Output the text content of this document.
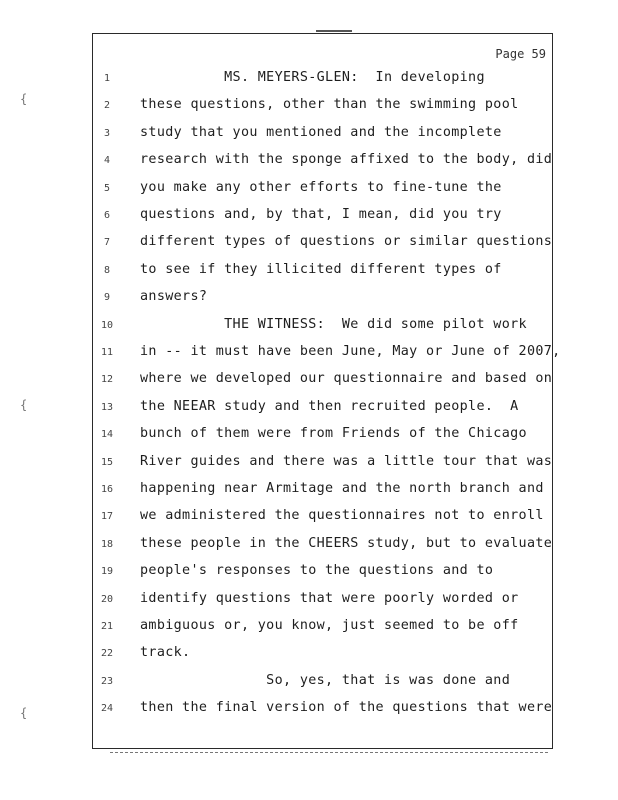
Page 59
{
{
{
1	MS. MEYERS-GLEN:  In developing
2	these questions, other than the swimming pool
3	study that you mentioned and the incomplete
4	research with the sponge affixed to the body, did
5	you make any other efforts to fine-tune the
6	questions and, by that, I mean, did you try
7	different types of questions or similar questions
8	to see if they illicited different types of
9	answers?
10	THE WITNESS:  We did some pilot work
11	in -- it must have been June, May or June of 2007,
12	where we developed our questionnaire and based on
13	the NEEAR study and then recruited people.  A
14	bunch of them were from Friends of the Chicago
15	River guides and there was a little tour that was
16	happening near Armitage and the north branch and
17	we administered the questionnaires not to enroll
18	these people in the CHEERS study, but to evaluate
19	people's responses to the questions and to
20	identify questions that were poorly worded or
21	ambiguous or, you know, just seemed to be off
22	track.
23	So, yes, that is was done and
24	then the final version of the questions that were
